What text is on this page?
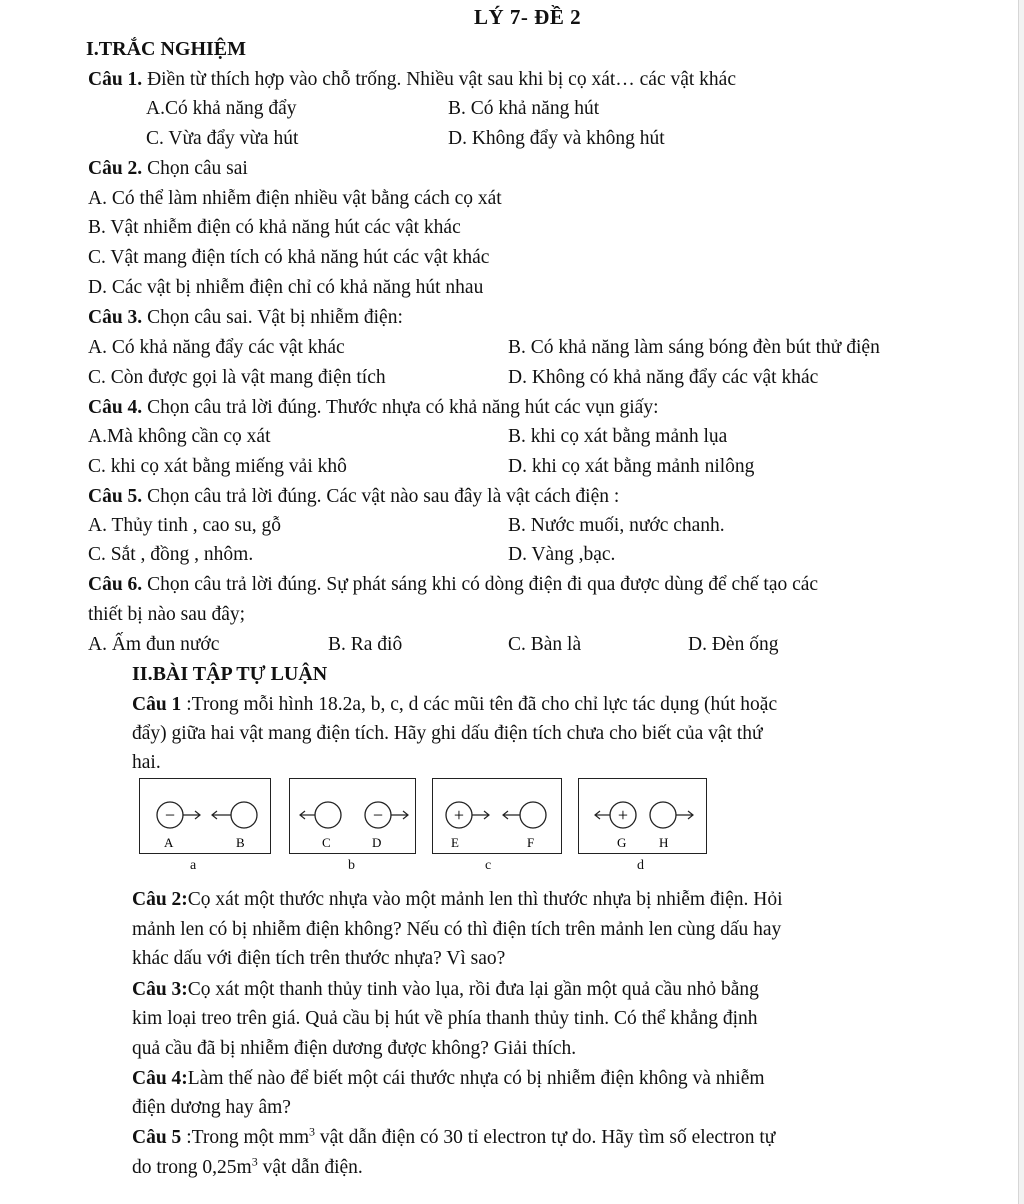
LÝ 7- ĐỀ 2
I.TRẮC NGHIỆM
Câu 1. Điền từ thích hợp vào chỗ trống. Nhiều vật sau khi bị cọ xát… các vật khác
A.Có khả năng đẩy	B. Có khả năng hút
C. Vừa đẩy vừa hút	D. Không đẩy và không hút
Câu 2. Chọn câu sai
A. Có thể làm nhiễm điện nhiều vật bằng cách cọ xát
B. Vật nhiễm điện có khả năng hút các vật khác
C. Vật mang điện tích có khả năng hút các vật khác
D. Các vật bị nhiễm điện chỉ có khả năng hút nhau
Câu 3. Chọn câu sai. Vật bị nhiễm điện:
A. Có khả năng đẩy các vật khác	B. Có khả năng làm sáng bóng đèn bút thử điện
C. Còn được gọi là vật mang điện tích	D. Không có khả năng đẩy các vật khác
Câu 4. Chọn câu trả lời đúng. Thước nhựa có khả năng hút các vụn giấy:
A.Mà không cần cọ xát	B. khi cọ xát bằng mảnh lụa
C. khi cọ xát bằng miếng vải khô	D. khi cọ xát bằng mảnh nilông
Câu 5. Chọn câu trả lời đúng. Các vật nào sau đây là vật cách điện :
A. Thủy tinh , cao su, gỗ	B. Nước muối, nước chanh.
C. Sắt , đồng , nhôm.	D. Vàng ,bạc.
Câu 6. Chọn câu trả lời đúng. Sự phát sáng khi có dòng điện đi qua được dùng để chế tạo các
thiết bị nào sau đây;
A. Ấm đun nước	B. Ra điô	C. Bàn là	D. Đèn ống
II.BÀI TẬP TỰ LUẬN
Câu 1 :Trong mỗi hình 18.2a, b, c, d các mũi tên đã cho chỉ lực tác dụng (hút hoặc
đẩy) giữa hai vật mang điện tích. Hãy ghi dấu điện tích chưa cho biết của vật thứ
hai.
−
A	B
−
C	D
+
E	F
+
G	H
a	b	c	d
Câu 2:Cọ xát một thước nhựa vào một mảnh len thì thước nhựa bị nhiễm điện. Hỏi
mảnh len có bị nhiễm điện không? Nếu có thì điện tích trên mảnh len cùng dấu hay
khác dấu với điện tích trên thước nhựa? Vì sao?
Câu 3:Cọ xát một thanh thủy tinh vào lụa, rồi đưa lại gần một quả cầu nhỏ bằng
kim loại treo trên giá. Quả cầu bị hút về phía thanh thủy tinh. Có thể khẳng định
quả cầu đã bị nhiễm điện dương được không? Giải thích.
Câu 4:Làm thế nào để biết một cái thước nhựa có bị nhiễm điện không và nhiễm
điện dương hay âm?
Câu 5 :Trong một $mm^3$ vật dẫn điện có 30 tỉ electron tự do. Hãy tìm số electron tự
do trong $0,25m^3$ vật dẫn điện.
